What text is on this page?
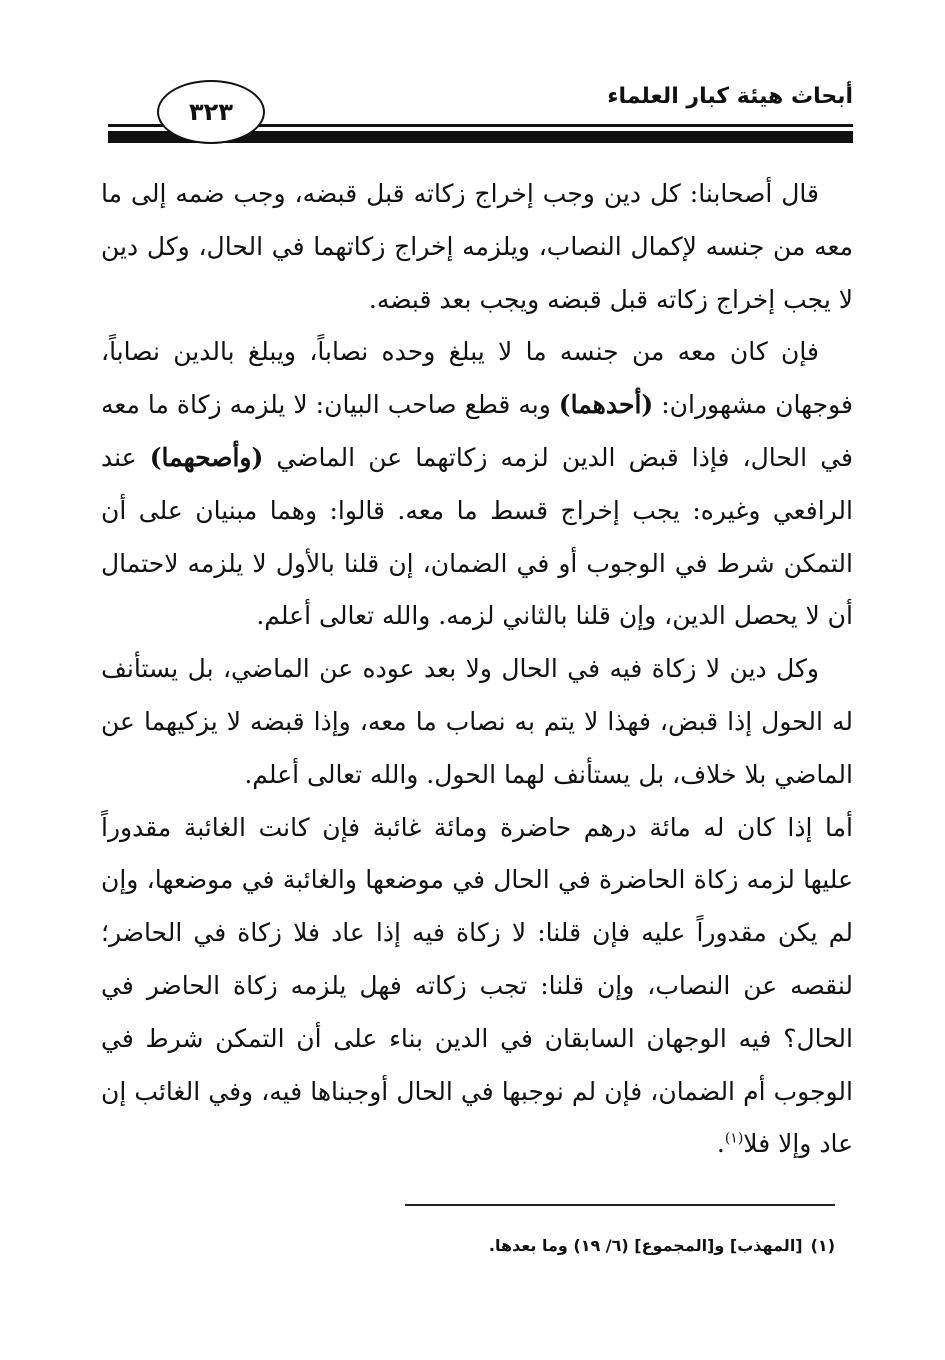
أبحاث هيئة كبار العلماء
٣٢٣

قال أصحابنا: كل دين وجب إخراج زكاته قبل قبضه، وجب ضمه إلى ما معه من جنسه لإكمال النصاب، ويلزمه إخراج زكاتهما في الحال، وكل دين لا يجب إخراج زكاته قبل قبضه ويجب بعد قبضه.

فإن كان معه من جنسه ما لا يبلغ وحده نصاباً، ويبلغ بالدين نصاباً، فوجهان مشهوران: (أحدهما) وبه قطع صاحب البيان: لا يلزمه زكاة ما معه في الحال، فإذا قبض الدين لزمه زكاتهما عن الماضي (وأصحهما) عند الرافعي وغيره: يجب إخراج قسط ما معه. قالوا: وهما مبنيان على أن التمكن شرط في الوجوب أو في الضمان، إن قلنا بالأول لا يلزمه لاحتمال أن لا يحصل الدين، وإن قلنا بالثاني لزمه. والله تعالى أعلم.

وكل دين لا زكاة فيه في الحال ولا بعد عوده عن الماضي، بل يستأنف له الحول إذا قبض، فهذا لا يتم به نصاب ما معه، وإذا قبضه لا يزكيهما عن الماضي بلا خلاف، بل يستأنف لهما الحول. والله تعالى أعلم.

أما إذا كان له مائة درهم حاضرة ومائة غائبة فإن كانت الغائبة مقدوراً عليها لزمه زكاة الحاضرة في الحال في موضعها والغائبة في موضعها، وإن لم يكن مقدوراً عليه فإن قلنا: لا زكاة فيه إذا عاد فلا زكاة في الحاضر؛ لنقصه عن النصاب، وإن قلنا: تجب زكاته فهل يلزمه زكاة الحاضر في الحال؟ فيه الوجهان السابقان في الدين بناء على أن التمكن شرط في الوجوب أم الضمان، فإن لم نوجبها في الحال أوجبناها فيه، وفي الغائب إن عاد وإلا فلا$^{(١)}$.

(١)[المهذب] و[المجموع] (٦/ ١٩) وما بعدها.
